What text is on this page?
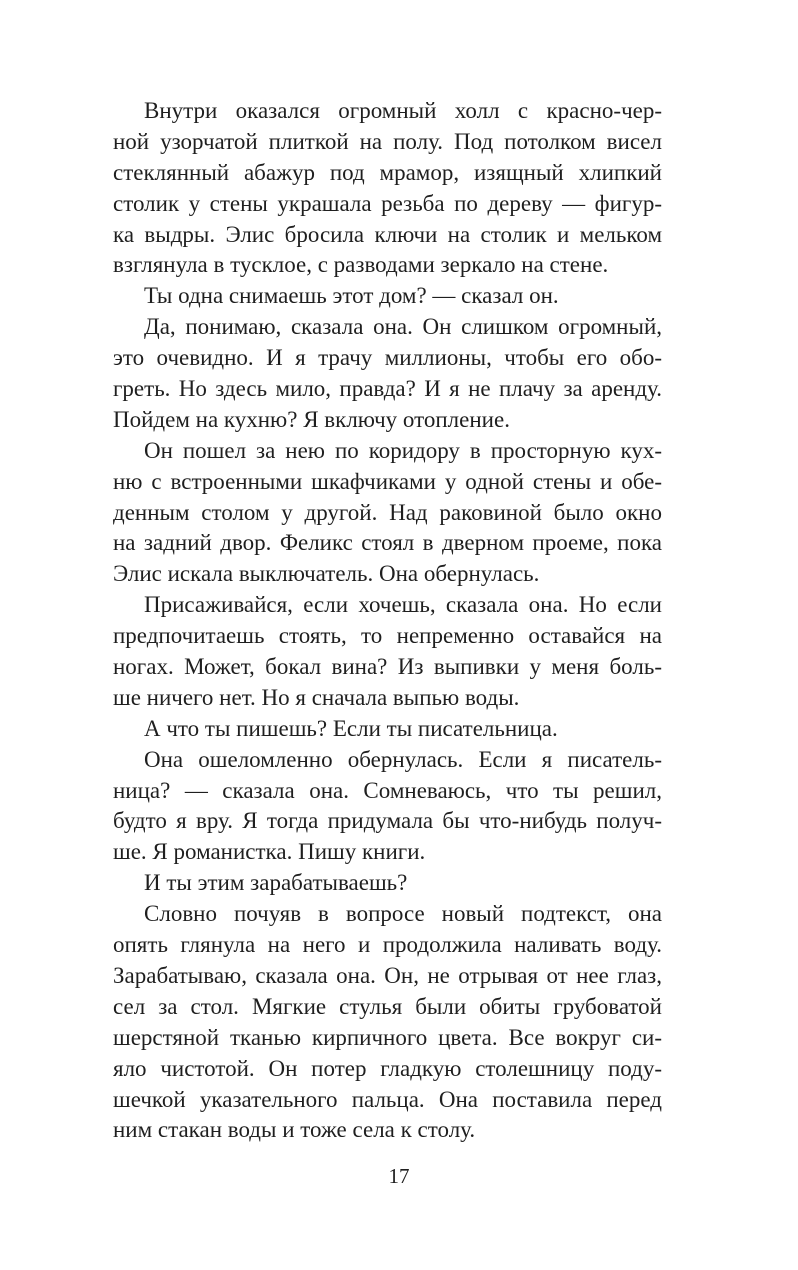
Внутри оказался огромный холл с красно-чер-
ной узорчатой плиткой на полу. Под потолком висел
стеклянный абажур под мрамор, изящный хлипкий
столик у стены украшала резьба по дереву — фигур-
ка выдры. Элис бросила ключи на столик и мельком
взглянула в тусклое, с разводами зеркало на стене.
Ты одна снимаешь этот дом? — сказал он.
Да, понимаю, сказала она. Он слишком огромный,
это очевидно. И я трачу миллионы, чтобы его обо-
греть. Но здесь мило, правда? И я не плачу за аренду.
Пойдем на кухню? Я включу отопление.
Он пошел за нею по коридору в просторную кух-
ню с встроенными шкафчиками у одной стены и обе-
денным столом у другой. Над раковиной было окно
на задний двор. Феликс стоял в дверном проеме, пока
Элис искала выключатель. Она обернулась.
Присаживайся, если хочешь, сказала она. Но если
предпочитаешь стоять, то непременно оставайся на
ногах. Может, бокал вина? Из выпивки у меня боль-
ше ничего нет. Но я сначала выпью воды.
А что ты пишешь? Если ты писательница.
Она ошеломленно обернулась. Если я писатель-
ница? — сказала она. Сомневаюсь, что ты решил,
будто я вру. Я тогда придумала бы что-нибудь получ-
ше. Я романистка. Пишу книги.
И ты этим зарабатываешь?
Словно почуяв в вопросе новый подтекст, она
опять глянула на него и продолжила наливать воду.
Зарабатываю, сказала она. Он, не отрывая от нее глаз,
сел за стол. Мягкие стулья были обиты грубоватой
шерстяной тканью кирпичного цвета. Все вокруг си-
яло чистотой. Он потер гладкую столешницу поду-
шечкой указательного пальца. Она поставила перед
ним стакан воды и тоже села к столу.
17
